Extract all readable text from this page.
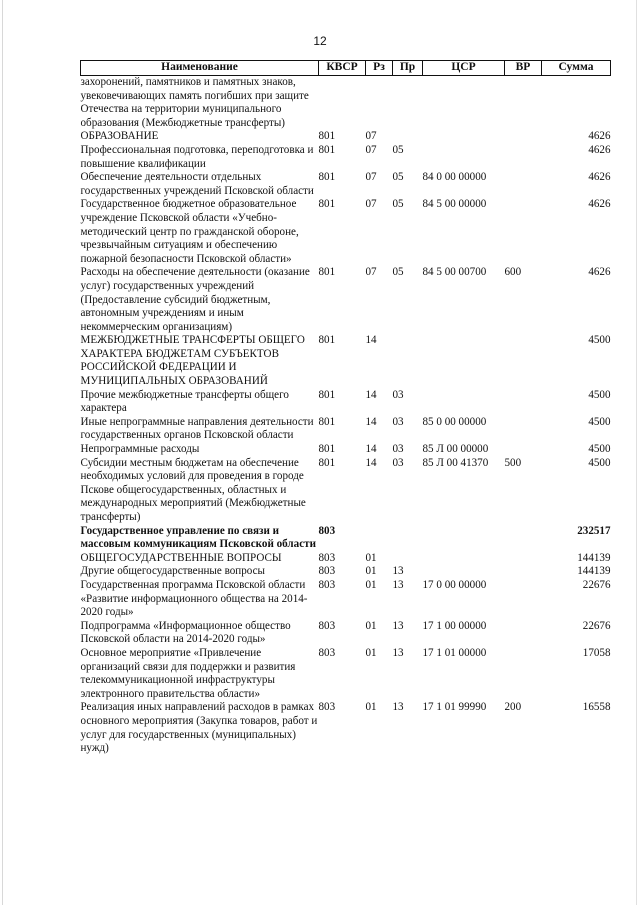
12
Наименование	КВСР	Рз	Пр	ЦСР	ВР	Сумма
захоронений, памятников и памятных знаков, увековечивающих память погибших при защите Отечества на территории муниципального образования (Межбюджетные трансферты)						
ОБРАЗОВАНИЕ	801	07				4626
Профессиональная подготовка, переподготовка и повышение квалификации	801	07	05			4626
Обеспечение деятельности отдельных государственных учреждений Псковской области	801	07	05	84 0 00 00000		4626
Государственное бюджетное образовательное учреждение Псковской области «Учебно-методический центр по гражданской обороне, чрезвычайным ситуациям и обеспечению пожарной безопасности Псковской области»	801	07	05	84 5 00 00000		4626
Расходы на обеспечение деятельности (оказание услуг) государственных учреждений (Предоставление субсидий бюджетным, автономным учреждениям и иным некоммерческим организациям)	801	07	05	84 5 00 00700	600	4626
МЕЖБЮДЖЕТНЫЕ ТРАНСФЕРТЫ ОБЩЕГО ХАРАКТЕРА БЮДЖЕТАМ СУБЪЕКТОВ РОССИЙСКОЙ ФЕДЕРАЦИИ И МУНИЦИПАЛЬНЫХ ОБРАЗОВАНИЙ	801	14				4500
Прочие межбюджетные трансферты общего характера	801	14	03			4500
Иные непрограммные направления деятельности государственных органов Псковской области	801	14	03	85 0 00 00000		4500
Непрограммные расходы	801	14	03	85 Л 00 00000		4500
Субсидии местным бюджетам на обеспечение необходимых условий для проведения в городе Пскове общегосударственных, областных и международных мероприятий (Межбюджетные трансферты)	801	14	03	85 Л 00 41370	500	4500
Государственное управление по связи и массовым коммуникациям Псковской области	803					232517
ОБЩЕГОСУДАРСТВЕННЫЕ ВОПРОСЫ	803	01				144139
Другие общегосударственные вопросы	803	01	13			144139
Государственная программа Псковской области «Развитие информационного общества на 2014-2020 годы»	803	01	13	17 0 00 00000		22676
Подпрограмма «Информационное общество Псковской области на 2014-2020 годы»	803	01	13	17 1 00 00000		22676
Основное мероприятие «Привлечение организаций связи для поддержки и развития телекоммуникационной инфраструктуры электронного правительства области»	803	01	13	17 1 01 00000		17058
Реализация иных направлений расходов в рамках основного мероприятия (Закупка товаров, работ и услуг для государственных (муниципальных) нужд)	803	01	13	17 1 01 99990	200	16558
